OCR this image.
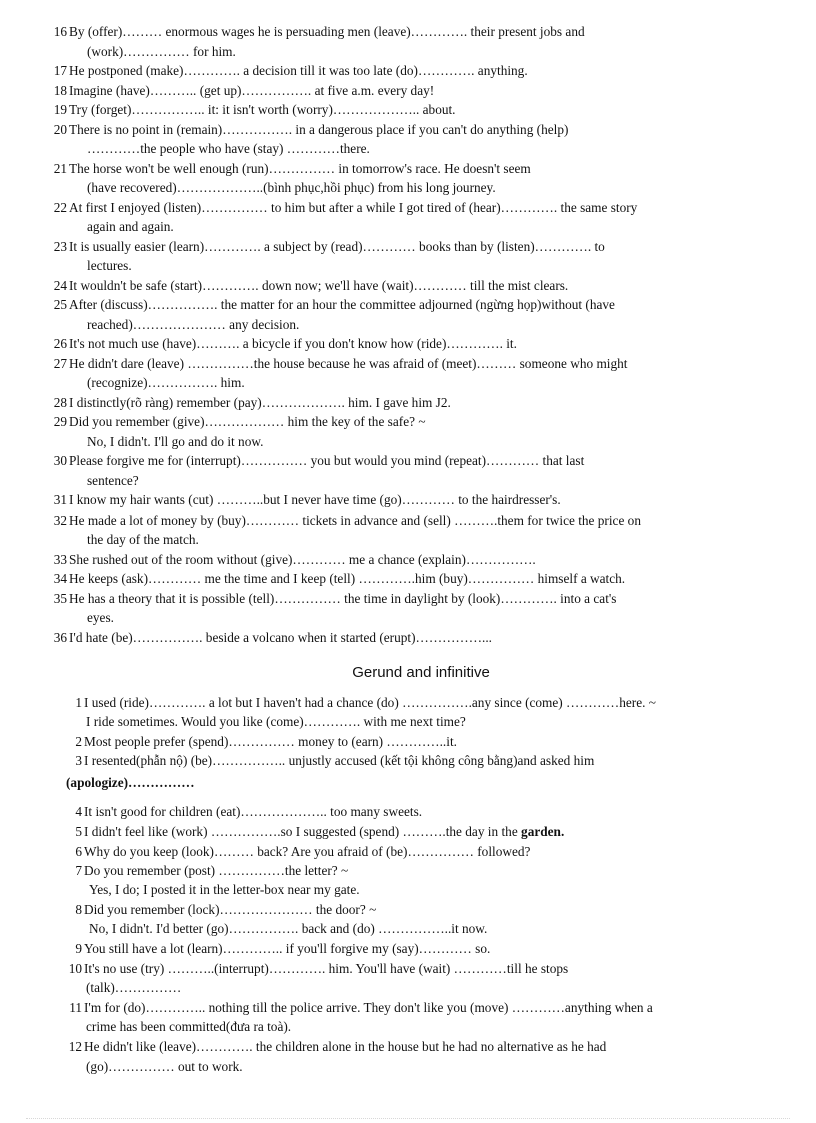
16 By (offer)……… enormous wages he is persuading men (leave)…………. their present jobs and
(work)…………… for him.
17 He postponed (make)…………. a decision till it was too late (do)…………. anything.
18 Imagine (have)……….. (get up)……………. at five a.m. every day!
19 Try (forget)…………….. it: it isn't worth (worry)……………….. about.
20 There is no point in (remain)……………. in a dangerous place if you can't do anything (help)
…………the people who have (stay) …………there.
21 The horse won't be well enough (run)…………… in tomorrow's race. He doesn't seem
(have recovered)………………..(bình phục,hồi phục) from his long journey.
22 At first I enjoyed (listen)…………… to him but after a while I got tired of (hear)…………. the same story
again and again.
23 It is usually easier (learn)…………. a subject by (read)………… books than by (listen)…………. to
lectures.
24 It wouldn't be safe (start)…………. down now; we'll have (wait)………… till the mist clears.
25 After (discuss)……………. the matter for an hour the committee adjourned (ngừng họp)without (have
reached)………………… any decision.
26 It's not much use (have)………. a bicycle if you don't know how (ride)…………. it.
27 He didn't dare (leave) ……………the house because he was afraid of (meet)……… someone who might
(recognize)……………. him.
28 I distinctly(rõ ràng) remember (pay)………………. him. I gave him J2.
29 Did you remember (give)……………… him the key of the safe? ~
No, I didn't. I'll go and do it now.
30 Please forgive me for (interrupt)…………… you but would you mind (repeat)………… that last
sentence?
31 I know my hair wants (cut) ………..but I never have time (go)………… to the hairdresser's.
32 He made a lot of money by (buy)………… tickets in advance and (sell) ……….them for twice the price on
the day of the match.
33 She rushed out of the room without (give)………… me a chance (explain)…………….
34 He keeps (ask)………… me the time and I keep (tell) ………….him (buy)…………… himself a watch.
35 He has a theory that it is possible (tell)…………… the time in daylight by (look)…………. into a cat's
eyes.
36 I'd hate (be)……………. beside a volcano when it started (erupt)……………...
Gerund and infinitive
1 I used (ride)…………. a lot but I haven't had a chance (do) …………….any since (come) …………here. ~
I ride sometimes. Would you like (come)…………. with me next time?
2 Most people prefer (spend)…………… money to (earn) …………..it.
3 I resented(phẫn nộ) (be)…………….. unjustly accused (kết tội không công bằng)and asked him
(apologize)……………
4 It isn't good for children (eat)……………….. too many sweets.
5 I didn't feel like (work) …………….so I suggested (spend) ……….the day in the garden.
6 Why do you keep (look)……… back? Are you afraid of (be)…………… followed?
7 Do you remember (post) ……………the letter? ~
Yes, I do; I posted it in the letter-box near my gate.
8 Did you remember (lock)………………… the door? ~
No, I didn't. I'd better (go)……………. back and (do) ……………..it now.
9 You still have a lot (learn)………….. if you'll forgive my (say)………… so.
10 It's no use (try) ………..(interrupt)…………. him. You'll have (wait) …………till he stops
(talk)……………
11 I'm for (do)………….. nothing till the police arrive. They don't like you (move) …………anything when a
crime has been committed(đưa ra toà).
12 He didn't like (leave)…………. the children alone in the house but he had no alternative as he had
(go)…………… out to work.
